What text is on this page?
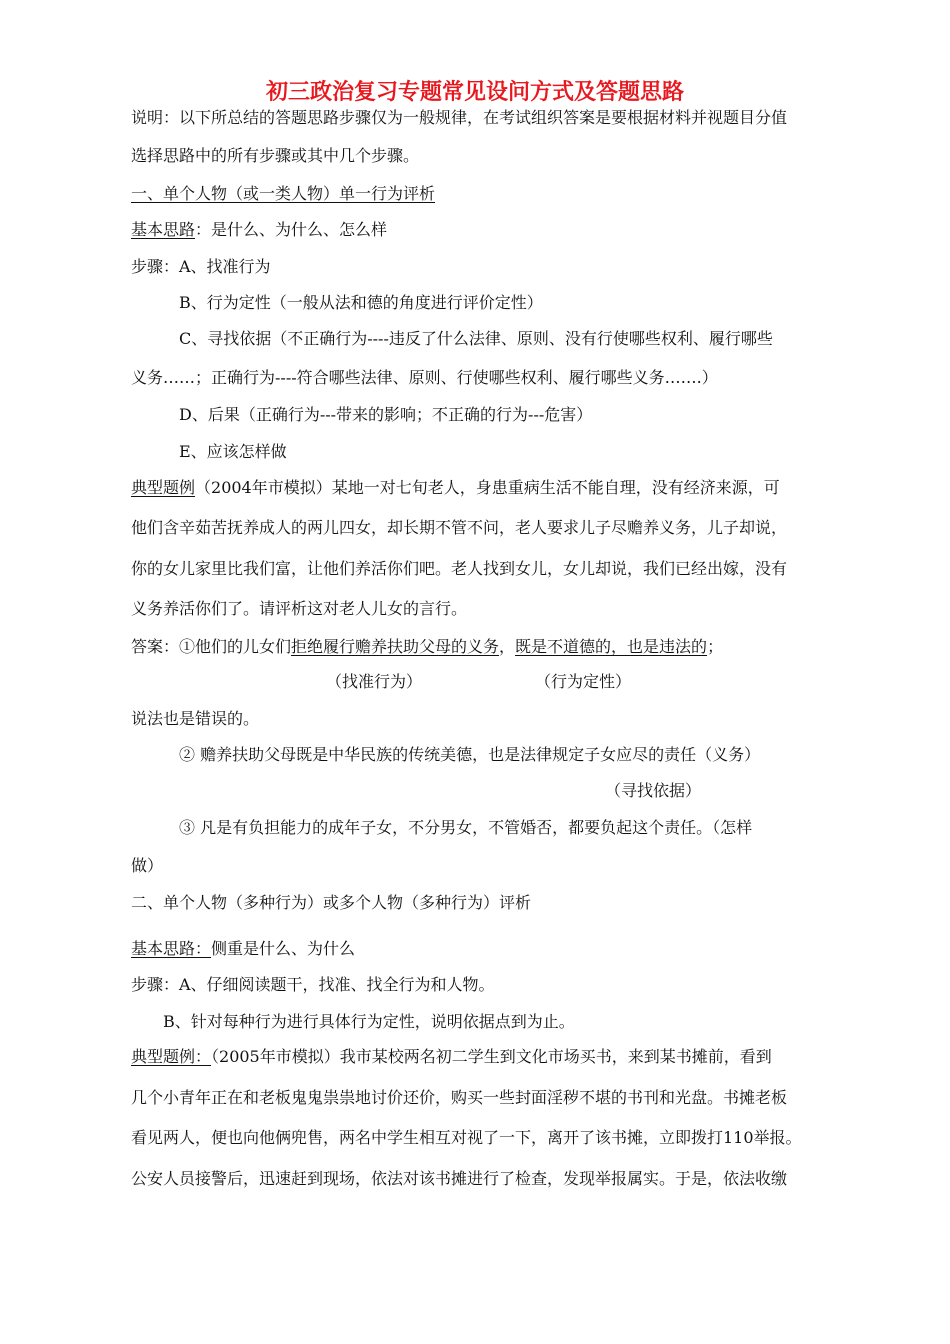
初三政治复习专题常见设问方式及答题思路
说明：以下所总结的答题思路步骤仅为一般规律，在考试组织答案是要根据材料并视题目分值
选择思路中的所有步骤或其中几个步骤。
一、单个人物（或一类人物）单一行为评析
基本思路：是什么、为什么、怎么样
步骤：A、找准行为
B、行为定性（一般从法和德的角度进行评价定性）
C、寻找依据（不正确行为----违反了什么法律、原则、没有行使哪些权利、履行哪些
义务……；正确行为----符合哪些法律、原则、行使哪些权利、履行哪些义务…….）
D、后果（正确行为---带来的影响；不正确的行为---危害）
E、应该怎样做
典型题例（2004年市模拟）某地一对七旬老人，身患重病生活不能自理，没有经济来源，可
他们含辛茹苦抚养成人的两儿四女，却长期不管不问，老人要求儿子尽赡养义务，儿子却说，
你的女儿家里比我们富，让他们养活你们吧。老人找到女儿，女儿却说，我们已经出嫁，没有
义务养活你们了。请评析这对老人儿女的言行。
答案：①他们的儿女们拒绝履行赡养扶助父母的义务，既是不道德的，也是违法的；
（找准行为）	（行为定性）
说法也是错误的。
② 赡养扶助父母既是中华民族的传统美德，也是法律规定子女应尽的责任（义务）
（寻找依据）
③ 凡是有负担能力的成年子女，不分男女，不管婚否，都要负起这个责任。（怎样
做）
二、单个人物（多种行为）或多个人物（多种行为）评析
基本思路：侧重是什么、为什么
步骤：A、仔细阅读题干，找准、找全行为和人物。
B、针对每种行为进行具体行为定性，说明依据点到为止。
典型题例：（2005年市模拟）我市某校两名初二学生到文化市场买书，来到某书摊前，看到
几个小青年正在和老板鬼鬼祟祟地讨价还价，购买一些封面淫秽不堪的书刊和光盘。书摊老板
看见两人，便也向他俩兜售，两名中学生相互对视了一下，离开了该书摊，立即拨打110举报。
公安人员接警后，迅速赶到现场，依法对该书摊进行了检查，发现举报属实。于是，依法收缴
